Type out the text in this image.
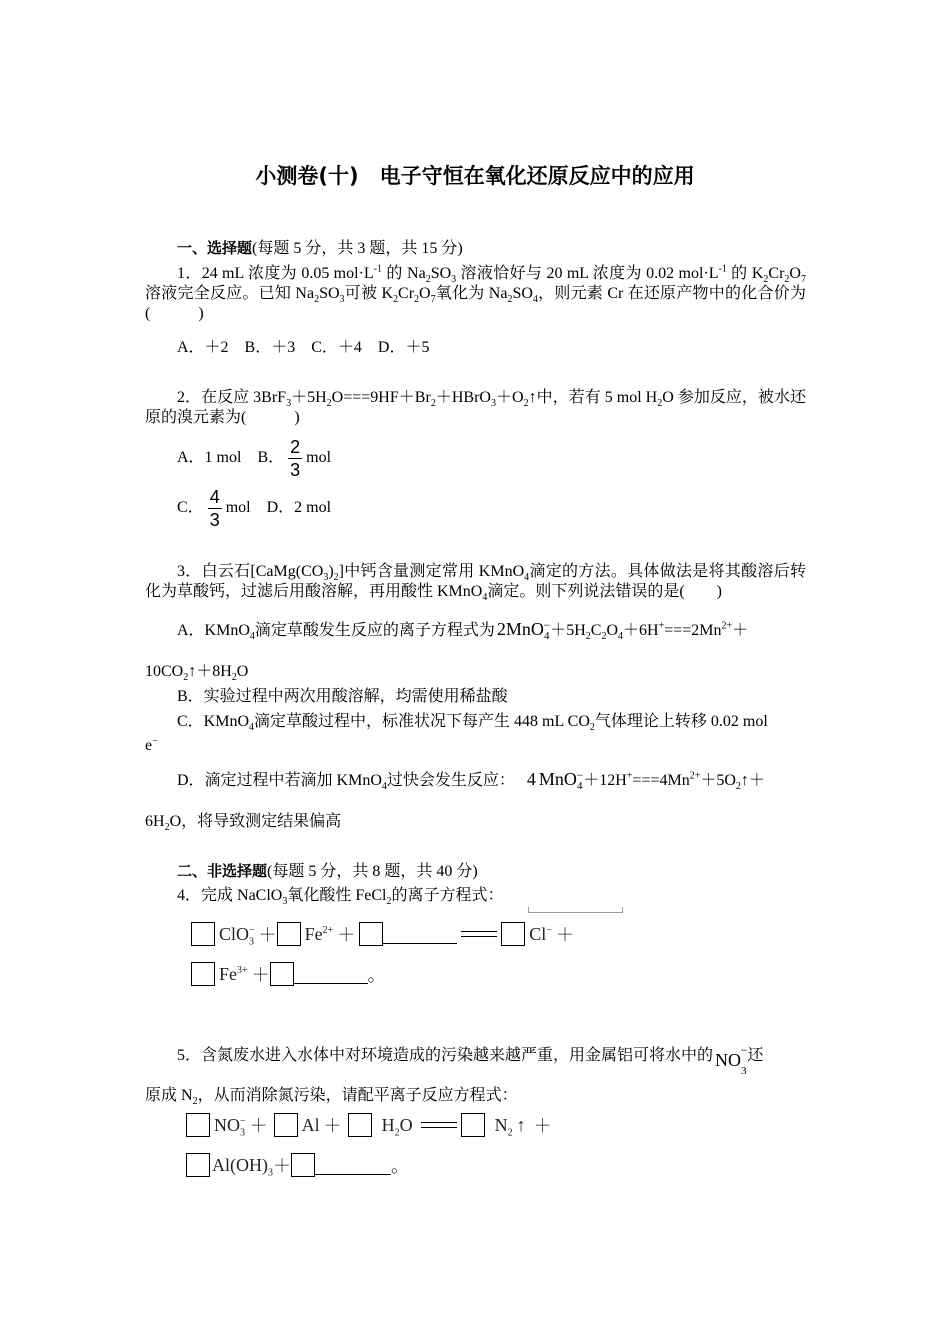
小测卷(十)　电子守恒在氧化还原反应中的应用
一、选择题(每题 5 分，共 3 题，共 15 分)
1．24 mL 浓度为 0.05 $mol\cdot L^{-1}$ 的 $Na_2SO_3$ 溶液恰好与 20 mL 浓度为 0.02 $mol\cdot L^{-1}$ 的 $K_2Cr_2O_7$溶液完全反应。已知 $Na_2SO_3$可被 $K_2Cr_2O_7$氧化为 $Na_2SO_4$，则元素 Cr 在还原产物中的化合价为(　　　)
A．＋2　B．＋3　C．＋4　D．＋5
2．在反应 $3BrF_3+5H_2O===9HF+Br_2+HBrO_3+O_2↑$中，若有 5 mol $H_2O$ 参加反应，被水还原的溴元素为(　　　)
A．1 mol　B． $\frac{2}{3}$ mol
C． $\frac{4}{3}$ mol　D．2 mol
3．白云石$[CaMg(CO_3)_2]$中钙含量测定常用 KMnO$_4$滴定的方法。具体做法是将其酸溶后转化为草酸钙，过滤后用酸溶解，再用酸性 KMnO$_4$滴定。则下列说法错误的是(　　)
A．KMnO$_4$滴定草酸发生反应的离子方程式为 $2MnO_4^-+5H_2C_2O_4+6H^+===2Mn^{2+}+$
$10CO_2↑+8H_2O$
B．实验过程中两次用酸溶解，均需使用稀盐酸
C．KMnO$_4$滴定草酸过程中，标准状况下每产生 448 mL $CO_2$气体理论上转移 0.02 mol
e−
D．滴定过程中若滴加 KMnO$_4$过快会发生反应： 4 $MnO_4^-+12H^+===4Mn^{2+}+5O_2↑+$
$6H_2O$，将导致测定结果偏高
二、非选择题(每题 5 分，共 8 题，共 40 分)
4．完成 NaClO$_3$氧化酸性 FeCl$_2$的离子方程式：
$ClO_3^- + Fe^{2+}$ ＋	Cl− ＋
$Fe^{3+}$ ＋	。
5．含氮废水进入水体中对环境造成的污染越来越严重，用金属铝可将水中的 $NO_3^-$还
原成 $N_2$，从而消除氮污染，请配平离子反应方程式：
$NO_3^- + Al + H_2O$	$N_2$ ↑ ＋
$Al(OH)_3$ ＋	。
